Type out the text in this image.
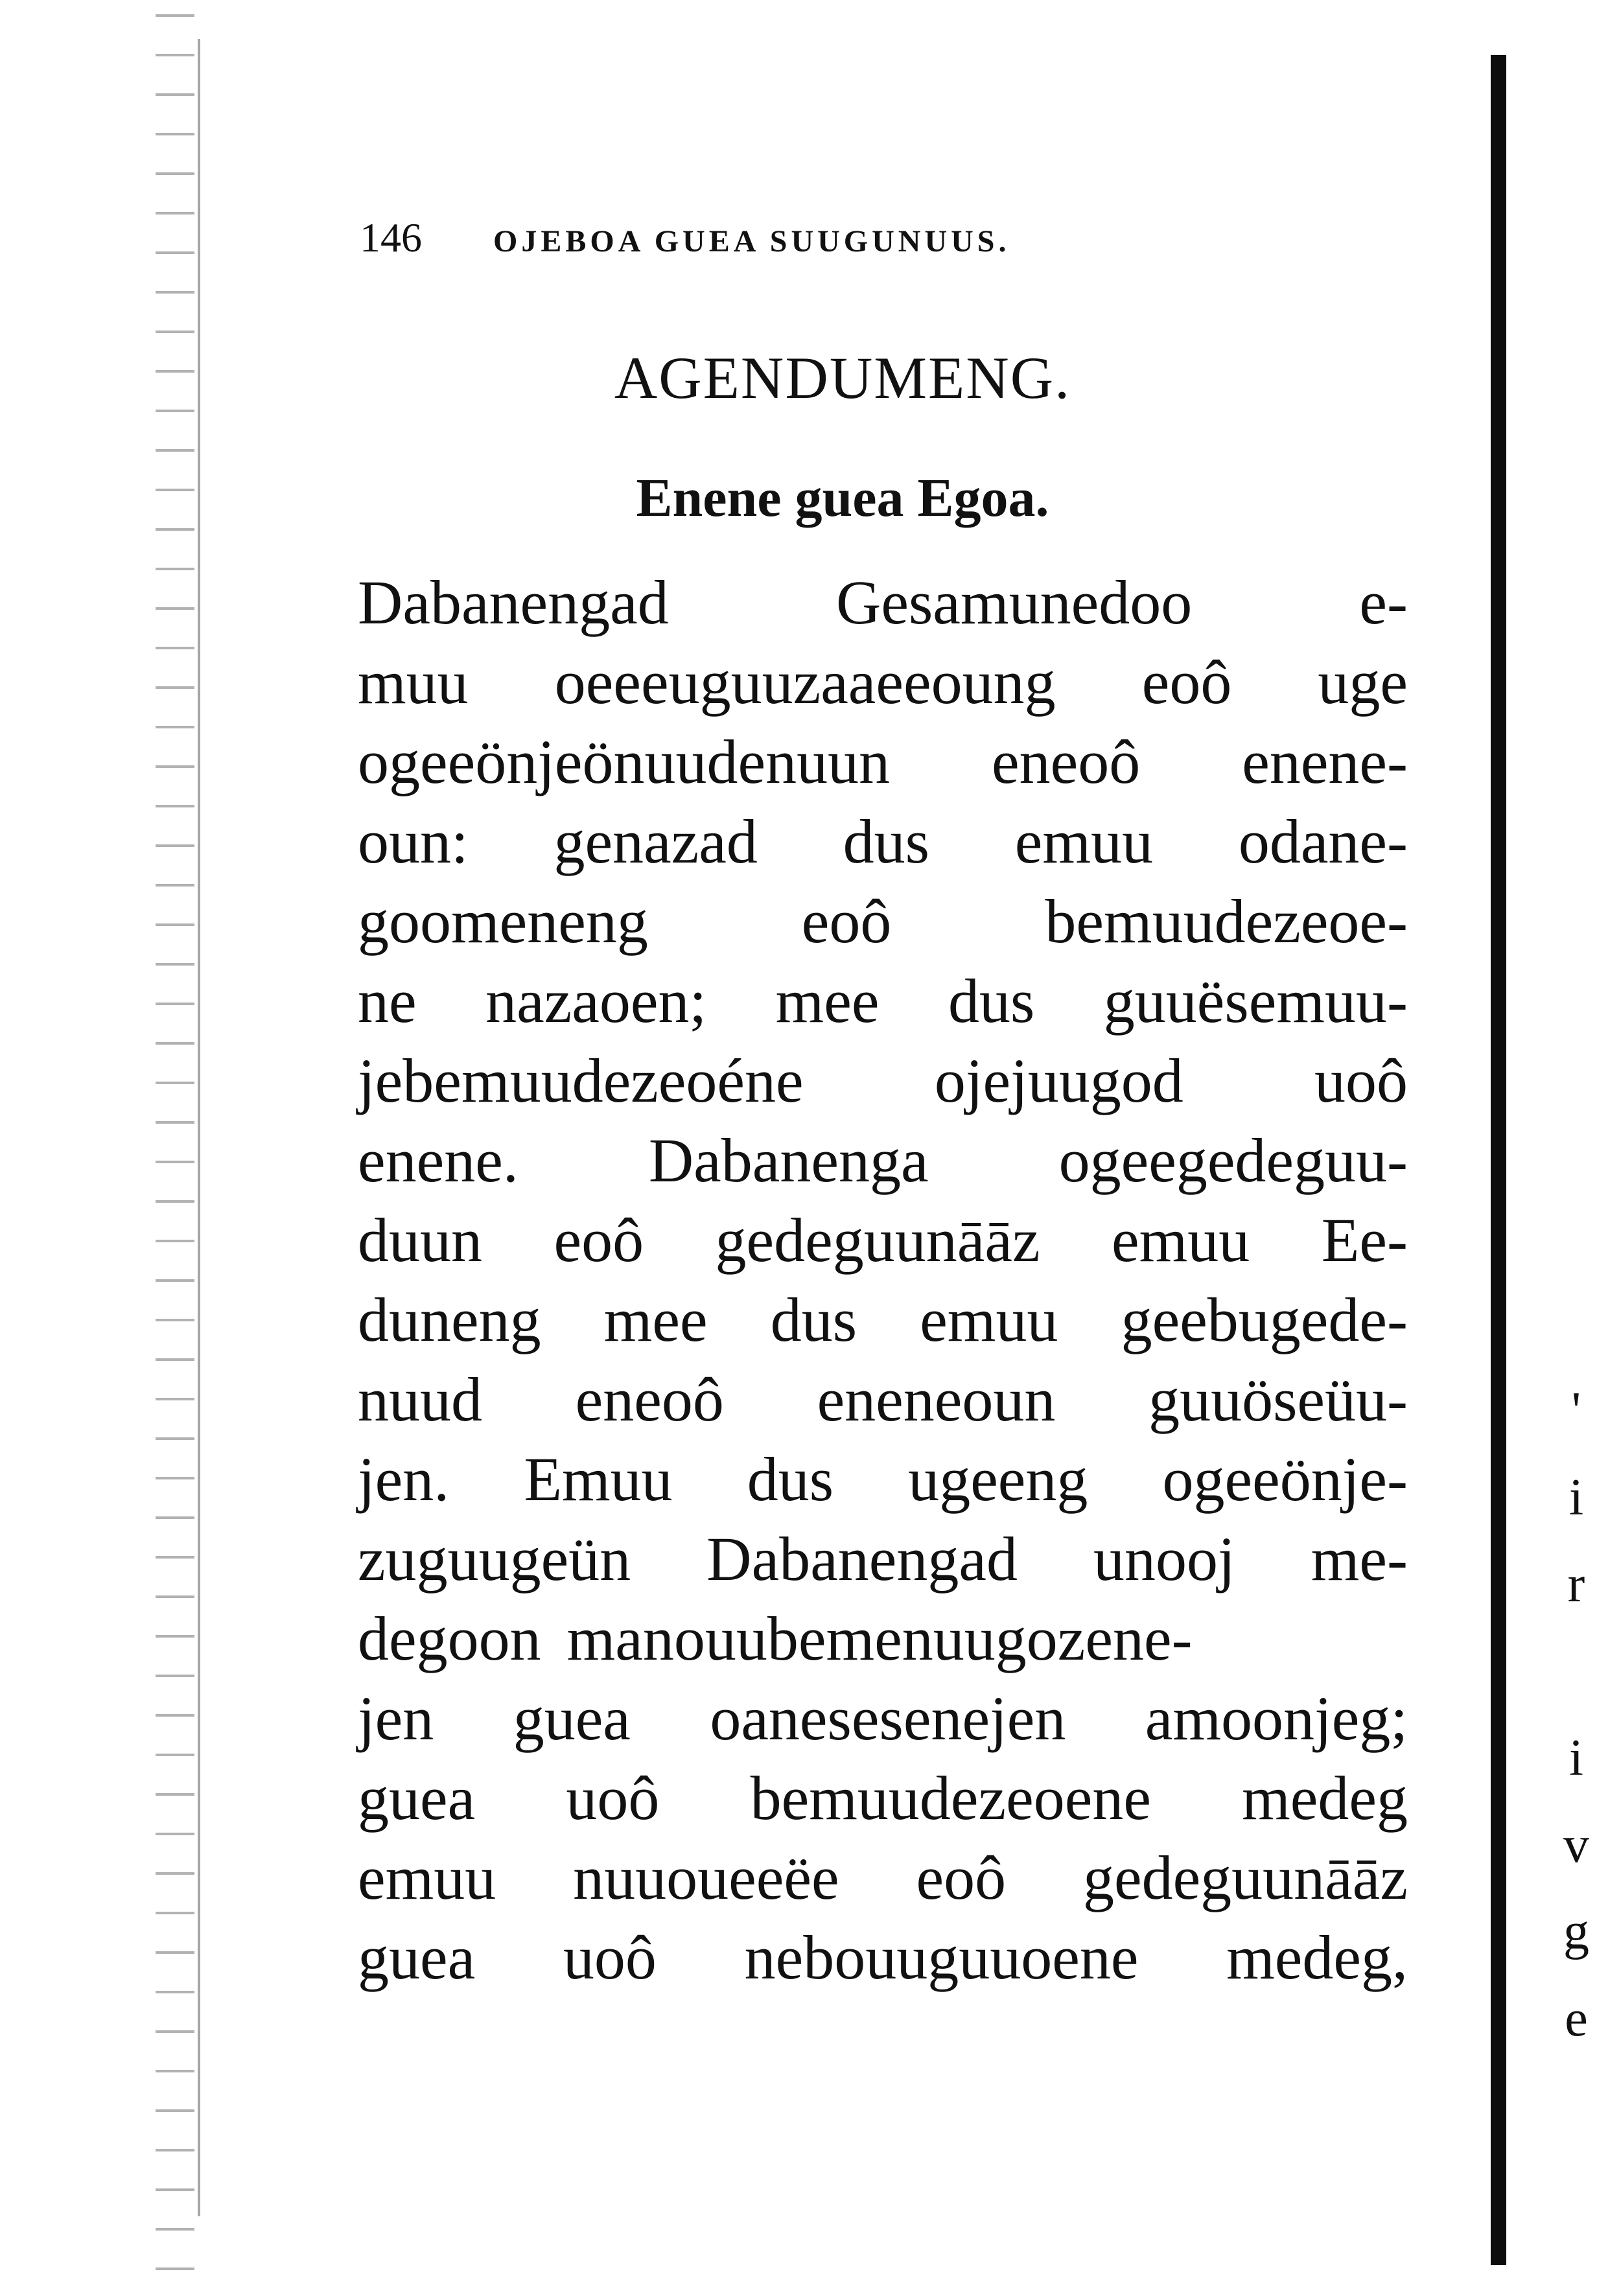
146 OJEBOA GUEA SUUGUNUUS.
AGENDUMENG.
Enene guea Egoa.
Dabanengad	Gesamunedoo	e-
muu oeeeuguuzaaeeoung eoô uge
ogeeönjeönuudenuun eneoô enene-
oun: genazad dus emuu odane-
goomeneng eoô bemuudezeoe-
ne nazaoen; mee dus guuësemuu-
jebemuudezeoéne ojejuugod uoô
enene. Dabanenga ogeegedeguu-
duun eoô gedeguunāāz emuu Ee-
duneng mee dus emuu geebugede-
nuud eneoô eneneoun guuöseüu-
jen. Emuu dus ugeeng ogeeönje-
zuguugeün Dabanengad unooj me-
degoon manouubemenuugozene-
jen guea oanesesenejen amoonjeg;
guea uoô bemuudezeoene medeg
emuu nuuoueeëe eoô gedeguunāāz
guea uoô nebouuguuoene medeg,
'
i
r
i
v
g
e
